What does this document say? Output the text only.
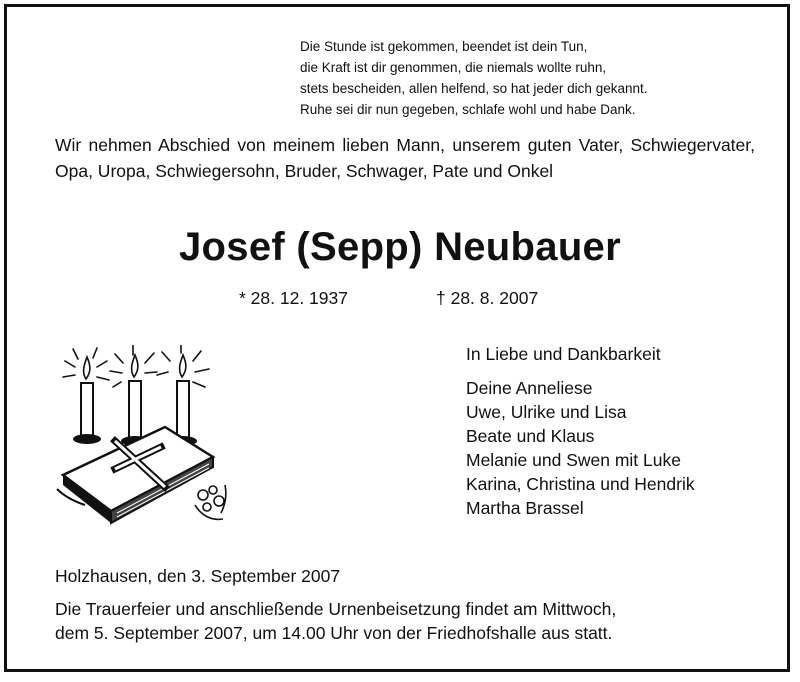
Die Stunde ist gekommen, beendet ist dein Tun,
die Kraft ist dir genommen, die niemals wollte ruhn,
stets bescheiden, allen helfend, so hat jeder dich gekannt.
Ruhe sei dir nun gegeben, schlafe wohl und habe Dank.
Wir nehmen Abschied von meinem lieben Mann, unserem guten Vater, Schwiegervater, Opa, Uropa, Schwiegersohn, Bruder, Schwager, Pate und Onkel
Josef (Sepp) Neubauer
* 28. 12. 1937	† 28. 8. 2007
In Liebe und Dankbarkeit
Deine Anneliese
Uwe, Ulrike und Lisa
Beate und Klaus
Melanie und Swen mit Luke
Karina, Christina und Hendrik
Martha Brassel
Holzhausen, den 3. September 2007
Die Trauerfeier und anschließende Urnenbeisetzung findet am Mittwoch,
dem 5. September 2007, um 14.00 Uhr von der Friedhofshalle aus statt.
